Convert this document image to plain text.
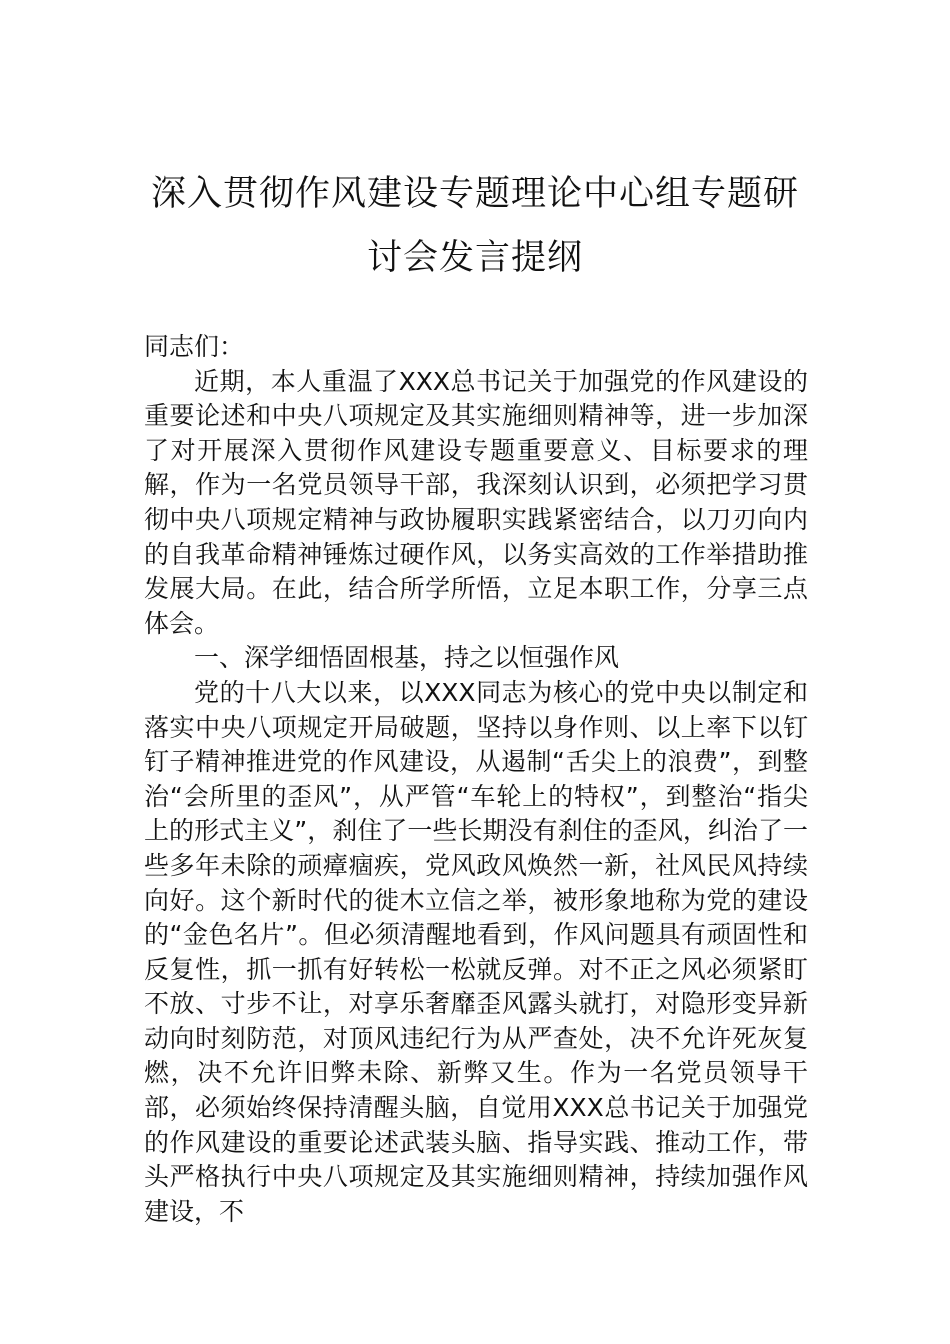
深入贯彻作风建设专题理论中心组专题研
讨会发言提纲

同志们：

近期，本人重温了XXX总书记关于加强党的作风建设的重要论述和中央八项规定及其实施细则精神等，进一步加深了对开展深入贯彻作风建设专题重要意义、目标要求的理解，作为一名党员领导干部，我深刻认识到，必须把学习贯彻中央八项规定精神与政协履职实践紧密结合，以刀刃向内的自我革命精神锤炼过硬作风，以务实高效的工作举措助推发展大局。在此，结合所学所悟，立足本职工作，分享三点体会。

一、深学细悟固根基，持之以恒强作风

党的十八大以来，以XXX同志为核心的党中央以制定和落实中央八项规定开局破题，坚持以身作则、以上率下以钉钉子精神推进党的作风建设，从遏制“舌尖上的浪费”，到整治“会所里的歪风”，从严管“车轮上的特权”，到整治“指尖上的形式主义”，刹住了一些长期没有刹住的歪风，纠治了一些多年未除的顽瘴痼疾，党风政风焕然一新，社风民风持续向好。这个新时代的徙木立信之举，被形象地称为党的建设的“金色名片”。但必须清醒地看到，作风问题具有顽固性和反复性，抓一抓有好转松一松就反弹。对不正之风必须紧盯不放、寸步不让，对享乐奢靡歪风露头就打，对隐形变异新动向时刻防范，对顶风违纪行为从严查处，决不允许死灰复燃，决不允许旧弊未除、新弊又生。作为一名党员领导干部，必须始终保持清醒头脑，自觉用XXX总书记关于加强党的作风建设的重要论述武装头脑、指导实践、推动工作，带头严格执行中央八项规定及其实施细则精神，持续加强作风建设，不
